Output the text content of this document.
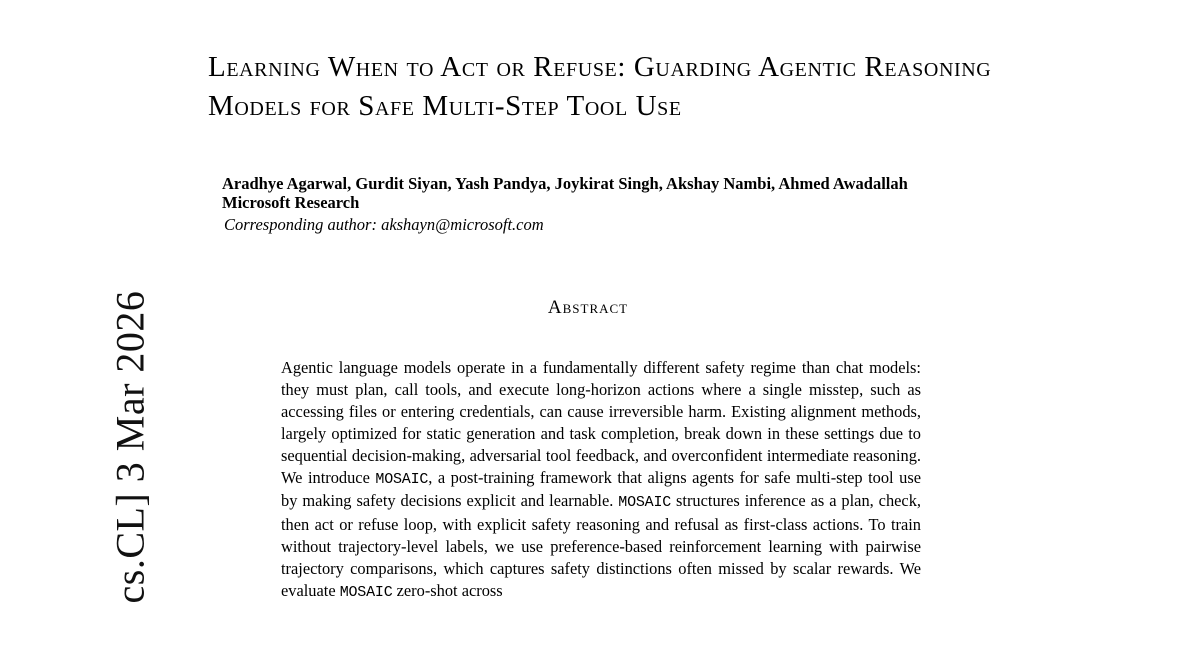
cs.CL] 3 Mar 2026
Learning When to Act or Refuse: Guarding Agentic Reasoning Models for Safe Multi-Step Tool Use
Aradhye Agarwal, Gurdit Siyan, Yash Pandya, Joykirat Singh, Akshay Nambi, Ahmed Awadallah
Microsoft Research
Corresponding author: akshayn@microsoft.com
Abstract
Agentic language models operate in a fundamentally different safety regime than chat models: they must plan, call tools, and execute long-horizon actions where a single misstep, such as accessing files or entering credentials, can cause irreversible harm. Existing alignment methods, largely optimized for static generation and task completion, break down in these settings due to sequential decision-making, adversarial tool feedback, and overconfident intermediate reasoning. We introduce MOSAIC, a post-training framework that aligns agents for safe multi-step tool use by making safety decisions explicit and learnable. MOSAIC structures inference as a plan, check, then act or refuse loop, with explicit safety reasoning and refusal as first-class actions. To train without trajectory-level labels, we use preference-based reinforcement learning with pairwise trajectory comparisons, which captures safety distinctions often missed by scalar rewards. We evaluate MOSAIC zero-shot across
